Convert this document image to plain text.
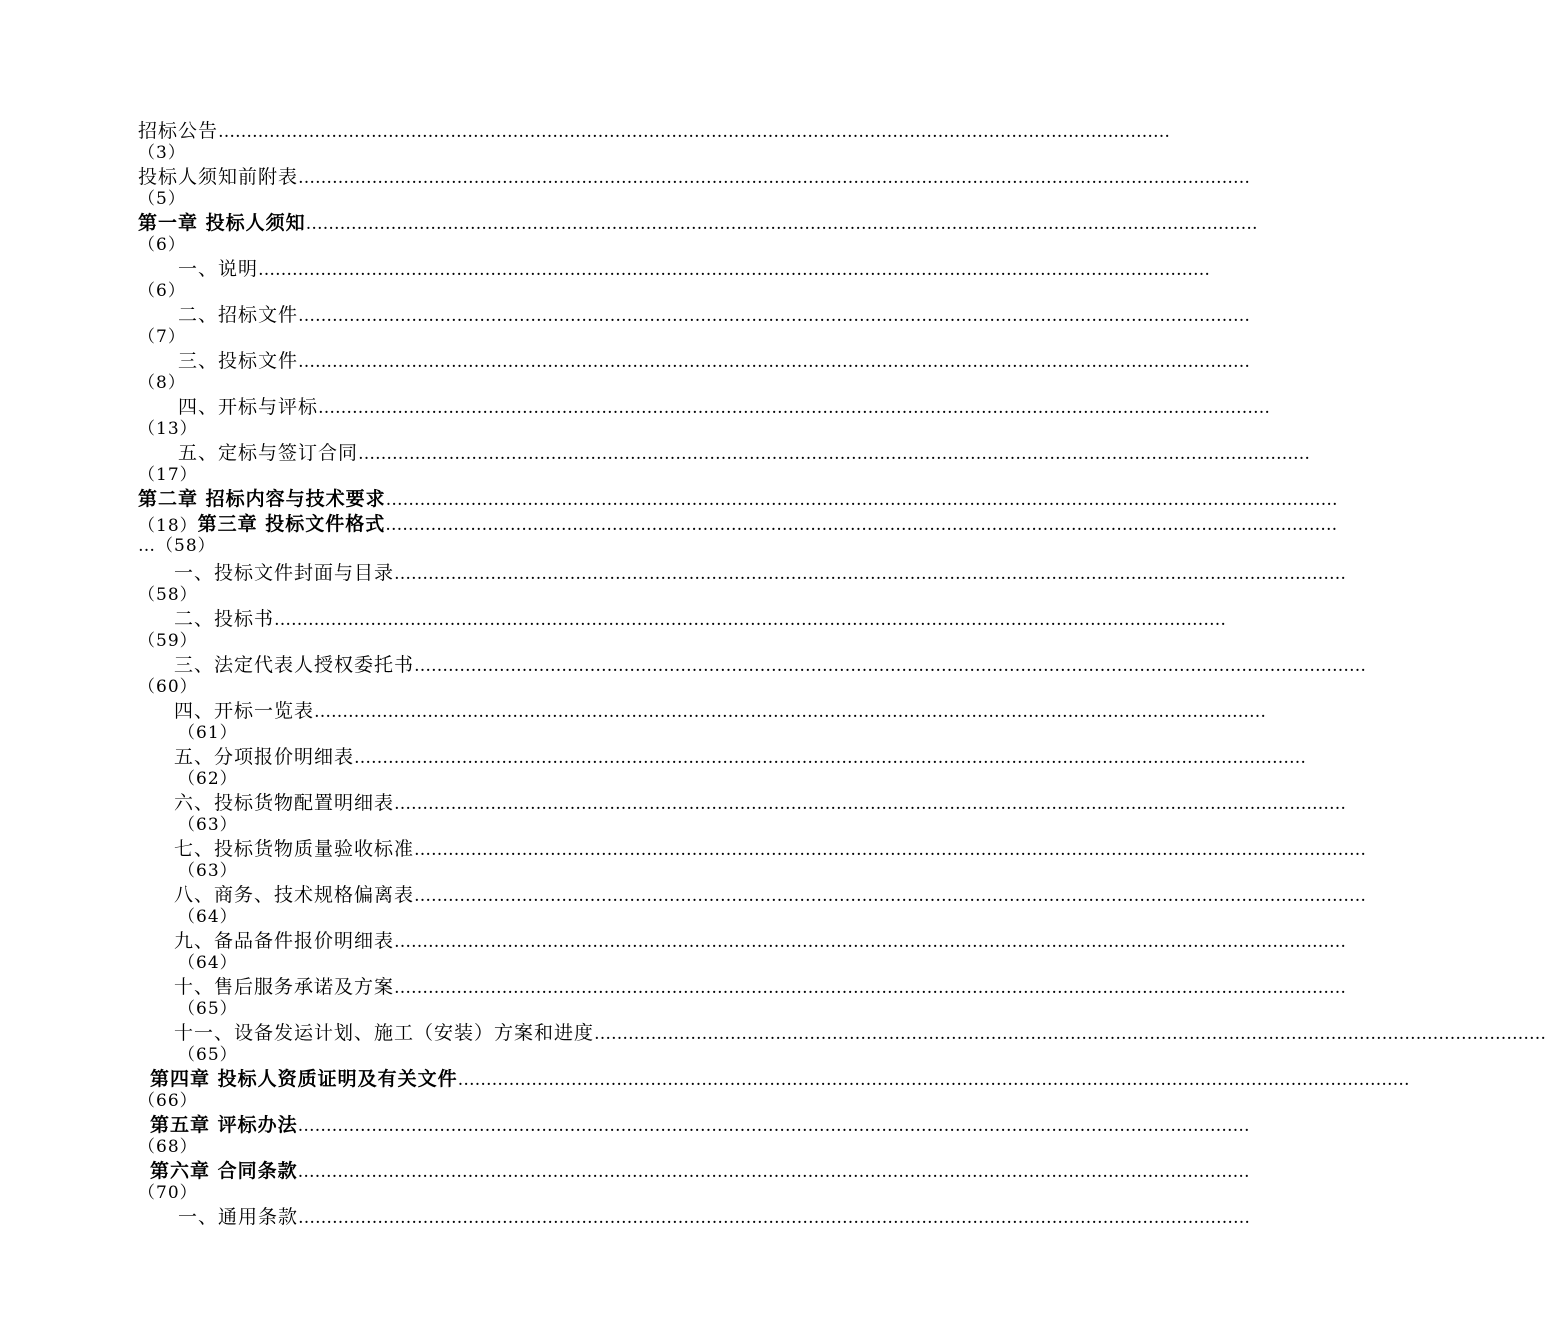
招标公告 ……………………………………………………………………………………………………………………………………………………
（3）
投标人须知前附表 ……………………………………………………………………………………………………………………………………………………
（5）
第一章 投标人须知 ……………………………………………………………………………………………………………………………………………………
（6）
一、说明 ……………………………………………………………………………………………………………………………………………………
（6）
二、招标文件 ……………………………………………………………………………………………………………………………………………………
（7）
三、投标文件 ……………………………………………………………………………………………………………………………………………………
（8）
四、开标与评标 ……………………………………………………………………………………………………………………………………………………
（13）
五、定标与签订合同 ……………………………………………………………………………………………………………………………………………………
（17）
第二章 招标内容与技术要求 ……………………………………………………………………………………………………………………………………………………
（18） 第三章 投标文件格式 ……………………………………………………………………………………………………………………………………………………
…（58）
一、投标文件封面与目录 ……………………………………………………………………………………………………………………………………………………
（58）
二、投标书 ……………………………………………………………………………………………………………………………………………………
（59）
三、法定代表人授权委托书 ……………………………………………………………………………………………………………………………………………………
（60）
四、开标一览表 ……………………………………………………………………………………………………………………………………………………
（61）
五、分项报价明细表 ……………………………………………………………………………………………………………………………………………………
（62）
六、投标货物配置明细表 ……………………………………………………………………………………………………………………………………………………
（63）
七、投标货物质量验收标准 ……………………………………………………………………………………………………………………………………………………
（63）
八、商务、技术规格偏离表 ……………………………………………………………………………………………………………………………………………………
（64）
九、备品备件报价明细表 ……………………………………………………………………………………………………………………………………………………
（64）
十、售后服务承诺及方案 ……………………………………………………………………………………………………………………………………………………
（65）
十一、设备发运计划、施工（安装）方案和进度 ……………………………………………………………………………………………………………………………………………………
（65）
第四章 投标人资质证明及有关文件 ……………………………………………………………………………………………………………………………………………………
（66）
第五章 评标办法 ……………………………………………………………………………………………………………………………………………………
（68）
第六章 合同条款 ……………………………………………………………………………………………………………………………………………………
（70）
一、通用条款 ……………………………………………………………………………………………………………………………………………………
